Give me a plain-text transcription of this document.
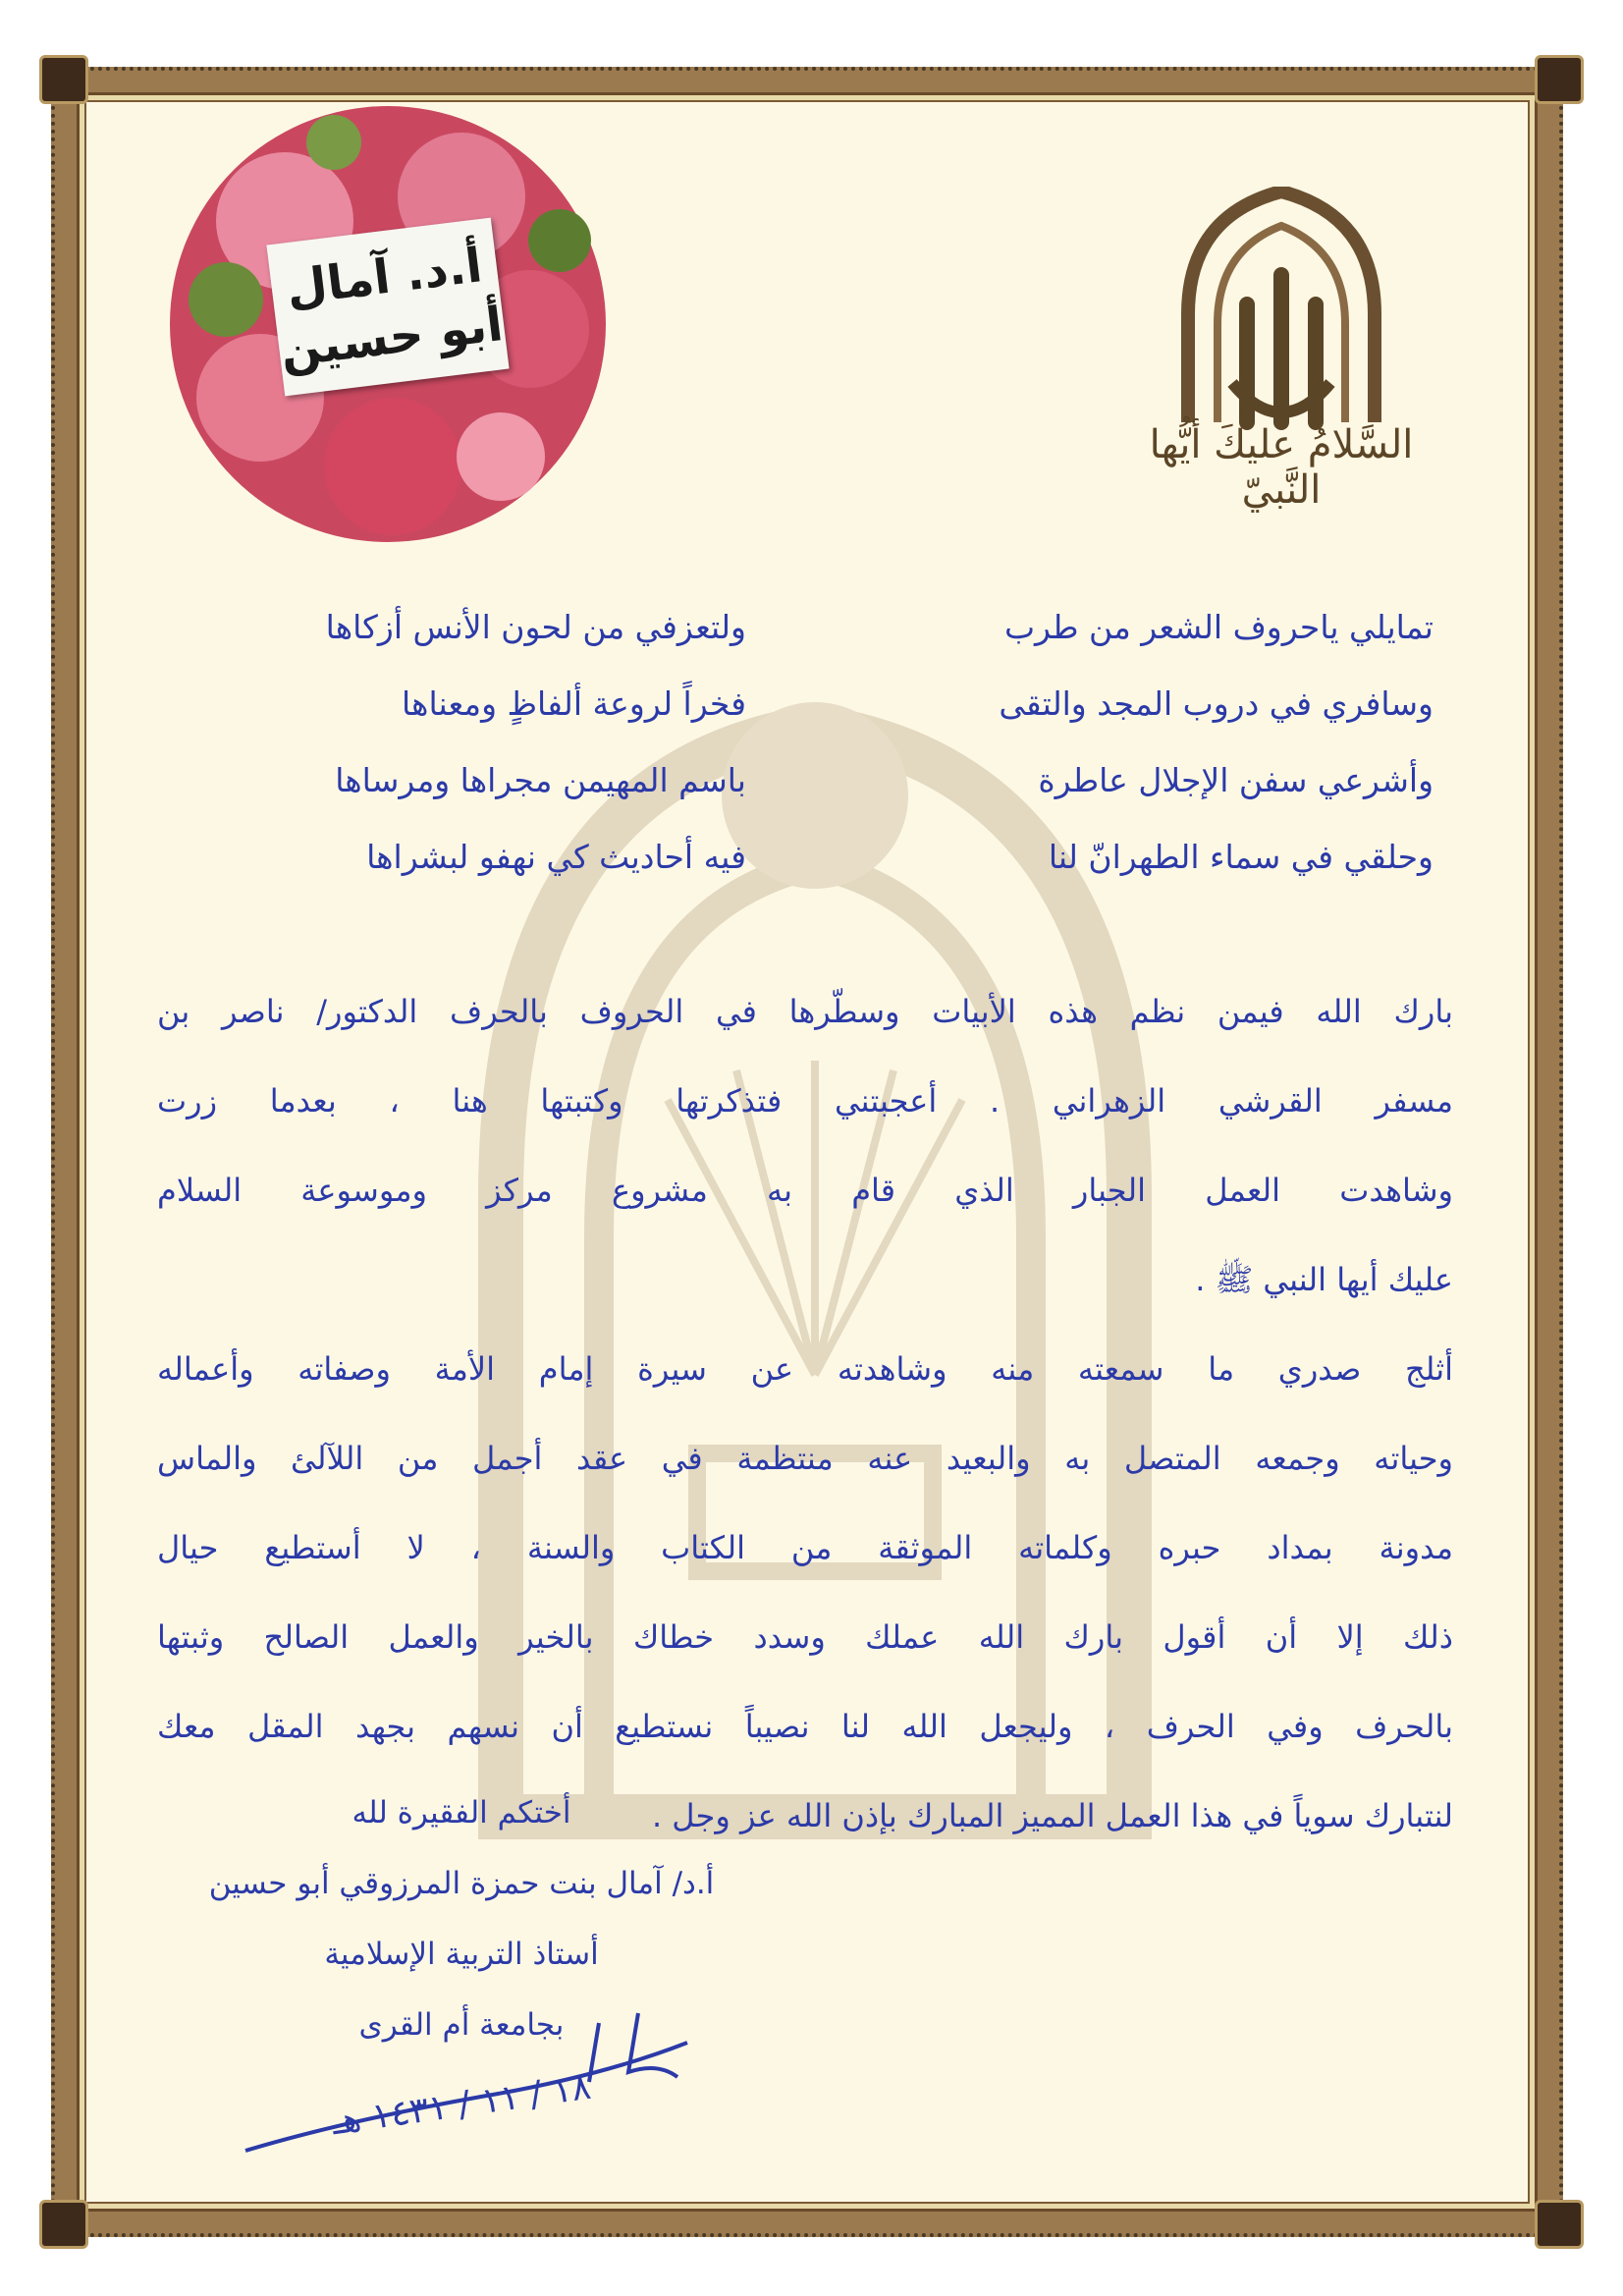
السَّلامُ عليكَ أيُّها النَّبيّ
أ.د. آمال
أبو حسين
تمايلي ياحروف الشعر من طرب
وسافري في دروب المجد والتقى
وأشرعي سفن الإجلال عاطرة
وحلقي في سماء الطهرانّ لنا
ولتعزفي من لحون الأنس أزكاها
فخراً لروعة ألفاظٍ ومعناها
باسم المهيمن مجراها ومرساها
فيه أحاديث كي نهفو لبشراها
بارك الله فيمن نظم هذه الأبيات وسطّرها في الحروف بالحرف الدكتور/ ناصر بن
مسفر القرشي الزهراني . أعجبتني فتذكرتها وكتبتها هنا ، بعدما زرت
وشاهدت العمل الجبار الذي قام به مشروع مركز وموسوعة السلام
عليك أيها النبي ﷺ .
أثلج صدري ما سمعته منه وشاهدته عن سيرة إمام الأمة وصفاته وأعماله
وحياته وجمعه المتصل به والبعيد عنه منتظمة في عقد أجمل من اللآلئ والماس
مدونة بمداد حبره وكلماته الموثقة من الكتاب والسنة ، لا أستطيع حيال
ذلك إلا أن أقول بارك الله عملك وسدد خطاك بالخير والعمل الصالح وثبتها
بالحرف وفي الحرف ، وليجعل الله لنا نصيباً نستطيع أن نسهم بجهد المقل معك
لنتبارك سوياً في هذا العمل المميز المبارك بإذن الله عز وجل .
أختكم الفقيرة لله
أ.د/ آمال بنت حمزة المرزوقي أبو حسين
أستاذ التربية الإسلامية
بجامعة أم القرى
١٨ / ١١ / ١٤٣١ هـ
